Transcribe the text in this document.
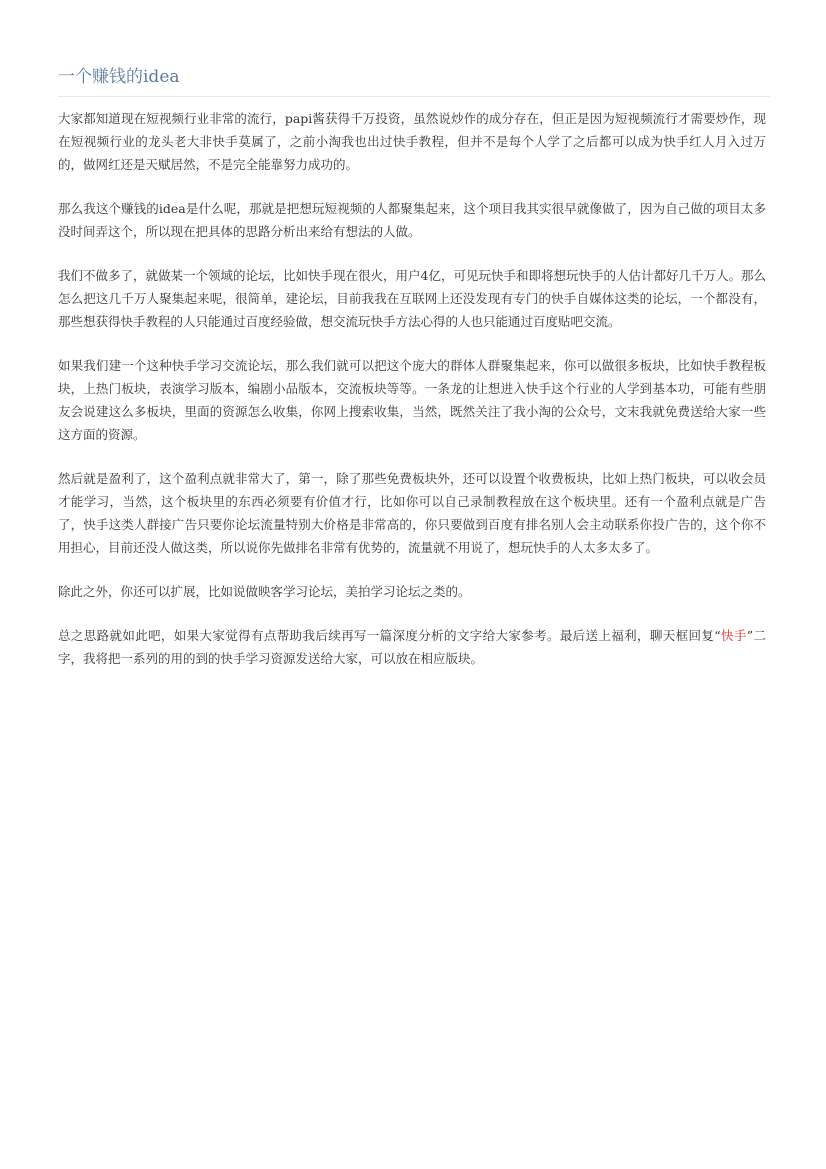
一个赚钱的idea

大家都知道现在短视频行业非常的流行，papi酱获得千万投资，虽然说炒作的成分存在，但正是因为短视频流行才需要炒作，现在短视频行业的龙头老大非快手莫属了，之前小淘我也出过快手教程，但并不是每个人学了之后都可以成为快手红人月入过万的，做网红还是天赋居然，不是完全能靠努力成功的。

那么我这个赚钱的idea是什么呢，那就是把想玩短视频的人都聚集起来，这个项目我其实很早就像做了，因为自己做的项目太多没时间弄这个，所以现在把具体的思路分析出来给有想法的人做。

我们不做多了，就做某一个领域的论坛，比如快手现在很火，用户4亿，可见玩快手和即将想玩快手的人估计都好几千万人。那么怎么把这几千万人聚集起来呢，很简单，建论坛，目前我我在互联网上还没发现有专门的快手自媒体这类的论坛，一个都没有，那些想获得快手教程的人只能通过百度经验做，想交流玩快手方法心得的人也只能通过百度贴吧交流。

如果我们建一个这种快手学习交流论坛，那么我们就可以把这个庞大的群体人群聚集起来，你可以做很多板块，比如快手教程板块，上热门板块，表演学习版本，编剧小品版本，交流板块等等。一条龙的让想进入快手这个行业的人学到基本功，可能有些朋友会说建这么多板块，里面的资源怎么收集，你网上搜索收集，当然，既然关注了我小淘的公众号，文末我就免费送给大家一些这方面的资源。

然后就是盈利了，这个盈利点就非常大了，第一，除了那些免费板块外，还可以设置个收费板块，比如上热门板块，可以收会员才能学习，当然，这个板块里的东西必须要有价值才行，比如你可以自己录制教程放在这个板块里。还有一个盈利点就是广告了，快手这类人群接广告只要你论坛流量特别大价格是非常高的，你只要做到百度有排名别人会主动联系你投广告的，这个你不用担心，目前还没人做这类，所以说你先做排名非常有优势的，流量就不用说了，想玩快手的人太多太多了。

除此之外，你还可以扩展，比如说做映客学习论坛，美拍学习论坛之类的。

总之思路就如此吧，如果大家觉得有点帮助我后续再写一篇深度分析的文字给大家参考。最后送上福利，聊天框回复“快手”二字，我将把一系列的用的到的快手学习资源发送给大家，可以放在相应版块。
